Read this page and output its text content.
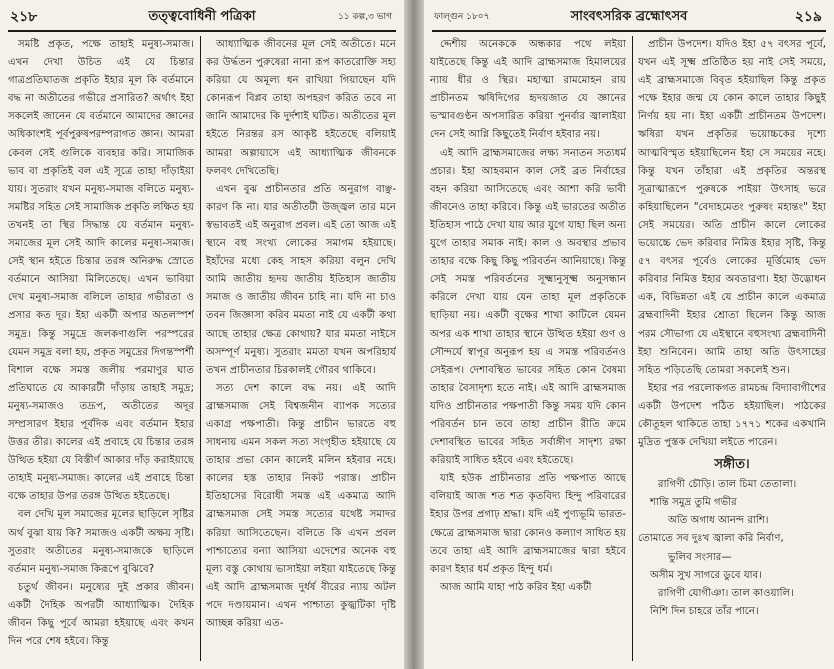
২১৮	তত্ত্ববোধিনী পত্রিকা	১১ কল্প,৩ ভাগ

সমষ্টি প্রকৃত, পক্ষে তাহাই মনুষ্য-সমাজ। এখন দেখা উচিত এই যে চিন্তার গাত্রপ্রতিঘাতজ প্রকৃতি ইহার মূল কি বর্তমানে বদ্ধ না অতীতের গভীরে প্রসারিত? অর্থাৎ ইহা সকলেই জানেন যে বর্তমানে আমাদের জ্ঞানের অধিকাংশই পূর্বপুরুষপরম্পরাগত জ্ঞান। আমরা কেবল সেই গুলিকে ব্যবহার করি। সামাজিক ভাব বা প্রকৃতিই বল এই সূত্রে তাহা দাঁড়াইয়া যায়। সুতরাং যখন মনুষ্য-সমাজ বলিতে মনুষ্য-সমষ্টির সহিত সেই সামাজিক প্রকৃতি লক্ষিত হয় তখনই তা স্থির সিদ্ধান্ত যে বর্তমান মনুষ্য-সমাজের মূল সেই আদি কালের মনুষ্য-সমাজ। সেই স্থান হইতে চিন্তার তরঙ্গ অনিরুদ্ধ স্রোতে বর্তমানে আসিয়া মিলিতেছে। এখন ভাবিয়া দেখ মনুষ্য-সমাজ বলিলে তাহার গভীরতা ও প্রসার কত দূর। ইহা একটী অপার অতলস্পর্শ সমুদ্র। কিন্তু সমুদ্রে জলকণাগুলি পরস্পরের যেমন সমুদ্র বলা হয়, প্রকৃত সমুদ্রের দিগন্তস্পর্শী বিশাল বক্ষে সমস্ত জলীয় পরমাণুর ঘাত প্রতিঘাতে যে আকারটী দাঁড়ায় তাহাই সমুদ্র; মনুষ্য-সমাজও তদ্রূপ, অতীতের অদূর সম্প্রসারণ ইহার পূর্বদিক এবং বর্তমান ইহার উত্তর তীর। কালের এই প্রবাহে যে চিন্তার তরঙ্গ উত্থিত হইয়া যে বিস্তীর্ণ আকার দাঁড় করাইয়াছে তাহাই মনুষ্য-সমাজ। কালের এই প্রবাহে চিন্তা বক্ষে তাহার উপর তরঙ্গ উত্থিত হইতেছে।

বল দেখি মূল সমাজের মূলের ছাড়িলে সৃষ্টির অর্থ বুঝা যায় কি? সমাজও একটী অক্ষয় সৃষ্টি। সুতরাং অতীতের মনুষ্য-সমাজকে ছাড়িলে বর্তমান মনুষ্য-সমাজ কিরূপে বুঝিবে?

চতুর্থ জীবন। মনুষ্যের দুই প্রকার জীবন। একটী দৈহিক অপরটী আধ্যাত্মিক। দৈহিক জীবন কিছু পূর্বে আমরা হইয়াছে এবং কখন দিন পরে শেষ হইবে। কিন্তু

আধ্যাত্মিক জীবনের মূল সেই অতীতে। মনে কর উর্দ্ধতন পুরুষেরা নানা রূপ কাতরোক্তি সহ্য করিয়া যে অমূল্য ধন রাখিয়া গিয়াছেন যদি কোনরূপ বিপ্লব তাহা অপহরণ করিত তবে না জানি আমাদের কি দুর্দশাই ঘটিত। অতীতের মূল হইতে নিরন্তর রস আকৃষ্ট হইতেছে বলিয়াই আমরা অল্পায়াসে এই আধ্যাত্মিক জীবনকে ফলবৎ দেখিতেছি।

এখন বুঝ প্রাচীনতার প্রতি অনুরাগ বাঞ্ছ-কারণ কি না। যার অতীতটী উজ্জ্বল তার মনে স্বভাবতই এই অনুরাগ প্রবল। এই তো আজ এই স্থানে বহু সংখ্য লোকের সমাগম হইয়াছে। ইহাঁদের মধ্যে কেহ সাহস করিয়া বলুন দেখি আমি জাতীয় হৃদয় জাতীয় ইতিহাস জাতীয় সমাজ ও জাতীয় জীবন চাহি না। যদি না চাও তবন জিজ্ঞাসা করিব মমতা নাই যে একটী কথা আছে তাহার ক্ষেত্র কোথায়? যার মমতা নাইসে অসম্পূর্ণ মনুষ্য। সুতরাং মমতা যখন অপরিহার্য তখন প্রাচীনতার চিরকালই গৌরব থাকিবে।

সত্য দেশ কালে বদ্ধ নয়। এই আদি ব্রাহ্মসমাজ সেই বিশ্বজনীন ব্যাপক সত্যের একাগ্র পক্ষপাতী। কিন্তু প্রাচীন ভারতে বহু সাধনায় এমন সকল সত্য সংগৃহীত হইয়াছে যে তাহার প্রভা কোন কালেই মলিন হইবার নহে। কালের হস্ত তাহার নিকট পরাস্ত। প্রাচীন ইতিহাসের বিরোধী সমস্ত এই একমাত্র আদি ব্রাহ্মসমাজ সেই সমস্ত সত্যের যথেষ্ট সমাদর করিয়া আসিতেছেন। বলিতে কি এখন প্রবল পাশ্চাত্যের বন্যা আসিয়া এদেশের অনেক বহু মূল্য বস্তু কোথায় ভাসাইয়া লইয়া যাইতেছে কিন্তু এই আদি ব্রাহ্মসমাজ দুর্ধর্ষ বীরের ন্যায় অটল পদে দণ্ডায়মান। এখন পাশ্চাত্য কুজ্ঝটিকা দৃষ্টি আচ্ছন্ন করিয়া এত-

ফাল্গুন ১৮০৭	সাংবৎসরিক ব্রহ্মোৎসব	২১৯

দ্দেশীয় অনেককে অন্ধকার পথে লইয়া যাইতেছে কিন্তু এই আদি ব্রাহ্মসমাজ হিমালয়ের ন্যায় ধীর ও স্থির। মহাত্মা রামমোহন রায় প্রাচীনতম ঋষিদিগের হৃদয়জাত যে জ্ঞানের ভস্মাবগুণ্ঠন অপসারিত করিয়া পুনর্বার জ্বালাইয়া দেন সেই আগ্নি কিছুতেই নির্বাণ হইবার নয়।

এই আদি ব্রাহ্মসমাজের লক্ষ্য সনাতন সত্যধর্ম প্রচার। ইহা আহবমান কাল সেই ব্রত নির্বাহের বহন করিয়া আসিতেছে এবং আশা করি ভাবী জীবনেও তাহা করিবে। কিন্তু এই ভারতের অতীত ইতিহাস পাঠে দেখা যায় আর যুগে যাহা ছিল অন্য যুগে তাহার সমাক নাই। কাল ও অবস্থার প্রভাব তাহার বক্ষে কিছু কিছু পরিবর্তন আনিয়াছে। কিন্তু সেই সমস্ত পরিবর্তনের সূক্ষ্মানুসূক্ষ্ম অনুসন্ধান করিলে দেখা যায় যেন তাহা মূল প্রকৃতিকে ছাড়িয়া নয়। একটী বৃক্ষের শাখা কাটিলে যেমন অপর এক শাখা তাহার স্থানে উত্থিত হইয়া গুণ ও সৌন্দর্যে স্বাপূর অনুরূপ হয় এ সমস্ত পরিবর্তনও সেইরূপ। দেশাবস্থিত ভাবের সহিত কোন বৈষম্য তাহার বৈসাদৃশ্য হতে নাই। এই আদি ব্রাহ্মসমাজ যদিও প্রাচীনতার পক্ষপাতী কিন্তু সময় যদি কোন পরিবর্তন চান তবে তাহা প্রাচীন রীতি ক্রমে দেশাবস্থিত ভাবের সহিত সর্বাঙ্গীণ সাদৃশ্য রক্ষা করিয়াই সাধিত হইবে এবং হইতেছে।

যাই হউক প্রাচীনতার প্রতি পক্ষপাত আছে বলিয়াই আজ শত শত কৃতবিদ্য হিন্দু পরিবারের ইহার উপর প্রগাঢ় শ্রদ্ধা। যদি এই পুণ্যভূমি ভারত-ক্ষেত্রে ব্রাহ্মসমাজ দ্বারা কোনও কল্যাণ সাধিত হয় তবে তাহা এই আদি ব্রাহ্মসমাজের দ্বারা হইবে কারণ ইহার ধর্ম প্রকৃত হিন্দু ধর্ম।

আজ আমি যাহা পাঠ করিব ইহা একটী

প্রাচীন উপদেশ। যদিও ইহা ৫৭ বৎসর পূর্বে, যখন এই সূক্ষ্ম প্রতিষ্ঠিত হয় নাই সেই সময়ে, এই ব্রাহ্মসমাজে বিবৃত হইয়াছিল কিন্তু প্রকৃত পক্ষে ইহার জন্ম যে কোন কালে তাহার কিছুই নির্ণয় হয় না। ইহা একটী প্রাচীনতম উপদেশ। ঋষিরা যখন প্রকৃতির ভয়োচ্চকের দৃশ্যে আত্মবিস্মৃত হইয়াছিলেন ইহা সে সময়ের নহে। কিন্তু যখন তাঁহারা এই প্রকৃতির অন্তরস্থ সূত্রাত্মারূপে পুরুষকে পাইয়া উৎসাহ ভরে কহিয়াছিলেন "বেদাহমেতং পুরুষং মহান্তং" ইহা সেই সময়ের। অতি প্রাচীন কালে লোকের ভয়োচ্চে ভেদ করিবার নিমিত্ত ইহার সৃষ্টি, কিন্তু ৫৭ বৎসর পূর্বেও লোকের মূর্ত্তিমোহ ভেদ করিবার নিমিত্ত ইহার অবতারণা। ইহা উদ্ভোধন এক, বিভিন্নতা এই যে প্রাচীন কালে একমাত্র ব্রহ্মবাদিনী ইহার শ্রোতা ছিলেন কিন্তু আজ পরম সৌভাগ্য যে এইস্থানে বহুসংখ্য ব্রহ্মবাদিনী ইহা শুনিবেন। আমি তাহা অতি উৎসাহের সহিত পড়িতেছি তোমরা সকলেই শুন।

ইহার পর পরলোকগত রামচন্দ্র বিদ্যাবাগীশের একটী উপদেশ পঠিত হইয়াছিল। পাঠকের কৌতূহল থাকিতে তাহা ১৭৭১ শকের একখানি মুদ্রিত পুস্তক দেখিয়া লইতে পারেন।

সঙ্গীত।
রাগিণী চৌড়ি। তাল চিমা তেতালা।
শান্তি সমুদ্র তুমি গভীর
অতি অগাধ আনন্দ রাশি।
তোমাতে সব দুঃখ জ্বালা করি নির্বাণ,
ভুলিব সংসার—
অসীম সুখ সাগরে ডুবে যাব।
রাগিণী যোগীঞা। তাল কাওয়ালি।
নিশি দিন চাহরে তাঁর পানে।
